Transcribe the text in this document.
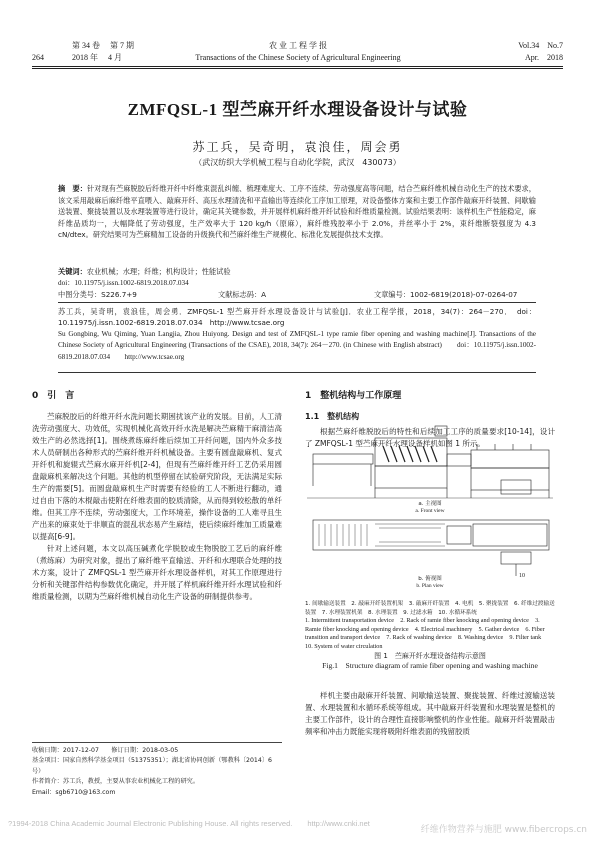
第 34 卷　 第 7 期
264	2018 年　 4 月
农 业 工 程 学 报
Transactions of the Chinese Society of Agricultural Engineering
Vol.34　No.7
Apr.　2018
ZMFQSL-1 型苎麻开纤水理设备设计与试验
苏工兵，吴奇明，袁浪佳，周会勇
（武汉纺织大学机械工程与自动化学院，武汉　430073）
摘　要：针对现有苎麻脱胶后纤维开纤中纤维束混乱纠缠、梳理难度大、工序不连续、劳动强度高等问题，结合苎麻纤维机械自动化生产的技术要求，该文采用敲麻后麻纤维平直喂入、敲麻开纤、高压水理清洗和平直输出等连续化工序加工原理，对设备整体方案和主要工作部件敲麻开纤装置、间歇输送装置、聚拢装置以及水理装置等进行设计，确定其关键参数，并开展样机麻纤维开纤试验和纤维质量检测。试验结果表明：该样机生产性能稳定，麻纤维品质均一，大幅降低了劳动强度，生产效率大于 120 kg/h（原麻），麻纤维残胶率小于 2.0%，并丝率小于 2%，束纤维断裂强度为 4.3 cN/dtex。研究结果可为苎麻精加工设备的升级换代和苎麻纤维生产规模化、标准化发展提供技术支撑。
关键词：农业机械；水理；纤维；机构设计；性能试验
doi：10.11975/j.issn.1002-6819.2018.07.034
中图分类号：S226.7+9	文献标志码：A	文章编号：1002-6819(2018)-07-0264-07
苏工兵，吴奇明，袁浪佳，周会勇．ZMFQSL-1 型苎麻开纤水理设备设计与试验[J]．农业工程学报，2018，34(7)：264－270．　doi：10.11975/j.issn.1002-6819.2018.07.034　http://www.tcsae.org
Su Gongbing, Wu Qiming, Yuan Langjia, Zhou Huiyong. Design and test of ZMFQSL-1 type ramie fiber opening and washing machine[J]. Transactions of the Chinese Society of Agricultural Engineering (Transactions of the CSAE), 2018, 34(7): 264－270. (in Chinese with English abstract)　　doi：10.11975/j.issn.1002-6819.2018.07.034　　http://www.tcsae.org
0　引　言
苎麻脱胶后的纤维开纤水洗问题长期困扰该产业的发展。目前，人工清洗劳动强度大、功效低，实现机械化高效开纤水洗是解决苎麻精干麻清洁高效生产的必然选择[1]。围绕煮练麻纤维后续加工开纤问题，国内外众多技术人员研制出各种形式的苎麻纤维开纤机械设备。主要有圆盘敲麻机、复式开纤机和旋辊式苎麻水麻开纤机[2-4]，但现有苎麻纤维开纤工艺仍采用圆盘敲麻机来解决这个问题。其他的机型停留在试验研究阶段，无法满足实际生产的需要[5]。而圆盘敲麻机生产时需要有经验的工人不断进行翻动，通过自由下落的木棍敲击使附在纤维表面的胶质清除，从而得到较松散的单纤维。但其工序不连续，劳动强度大，工作环境差，操作设备的工人难寻且生产出来的麻束处于非顺直的混乱状态易产生麻结，使后续麻纤维加工质量难以提高[6-9]。
针对上述问题，本文以高压碱煮化学脱胶或生物脱胶工艺后的麻纤维（煮练麻）为研究对象，提出了麻纤维平直输送、开纤和水理联合处理的技术方案，设计了 ZMFQSL-1 型苎麻开纤水理设备样机，对其工作原理进行分析和关键部件结构参数优化确定，并开展了样机麻纤维开纤水理试验和纤维质量检测，以期为苎麻纤维机械自动化生产设备的研制提供参考。
收稿日期：2017-12-07　　修订日期：2018-03-05
基金项目：国家自然科学基金项目（51375351）；湖北省协同创新（鄂教科〔2014〕6 号）
作者简介：苏工兵，教授，主要从事农业机械化工程的研究。
Email：sgb6710@163.com
1　整机结构与工作原理
1.1　整机结构
根据苎麻纤维脱胶后的特性和后续加工工序的质量要求[10-14]，设计了 ZMFQSL-1 型苎麻开纤水理设备样机如图 1 所示。
a. 主视图
a. Front view
10
b. 俯视图
b. Plan view
1. 间歇输送装置　2. 敲麻开纤装置机架　3. 敲麻开纤装置　4. 电机　5. 聚拢装置　6. 纤维过渡输送装置　7. 水理装置机架　8. 水理装置　9. 过滤水箱　10. 水循环系统
1. Intermittent transportation device　2. Rack of ramie fiber knocking and opening device　3. Ramie fiber knocking and opening device　4. Electrical machinery　5. Gather device　6. Fiber transition and transport device　7. Rack of washing device　8. Washing device　9. Filter tank　10. System of water circulation
图 1　苎麻开纤水理设备结构示意图
Fig.1　Structure diagram of ramie fiber opening and washing machine
样机主要由敲麻开纤装置、间歇输送装置、聚拢装置、纤维过渡输送装置、水理装置和水循环系统等组成。其中敲麻开纤装置和水理装置是整机的主要工作部件，设计的合理性直接影响整机的作业性能。敲麻开纤装置敲击频率和冲击力既能实现将吸附纤维表面的残留胶质
?1994-2018 China Academic Journal Electronic Publishing House. All rights reserved.　　http://www.cnki.net
纤维作物营养与施肥 www.fibercrops.cn
